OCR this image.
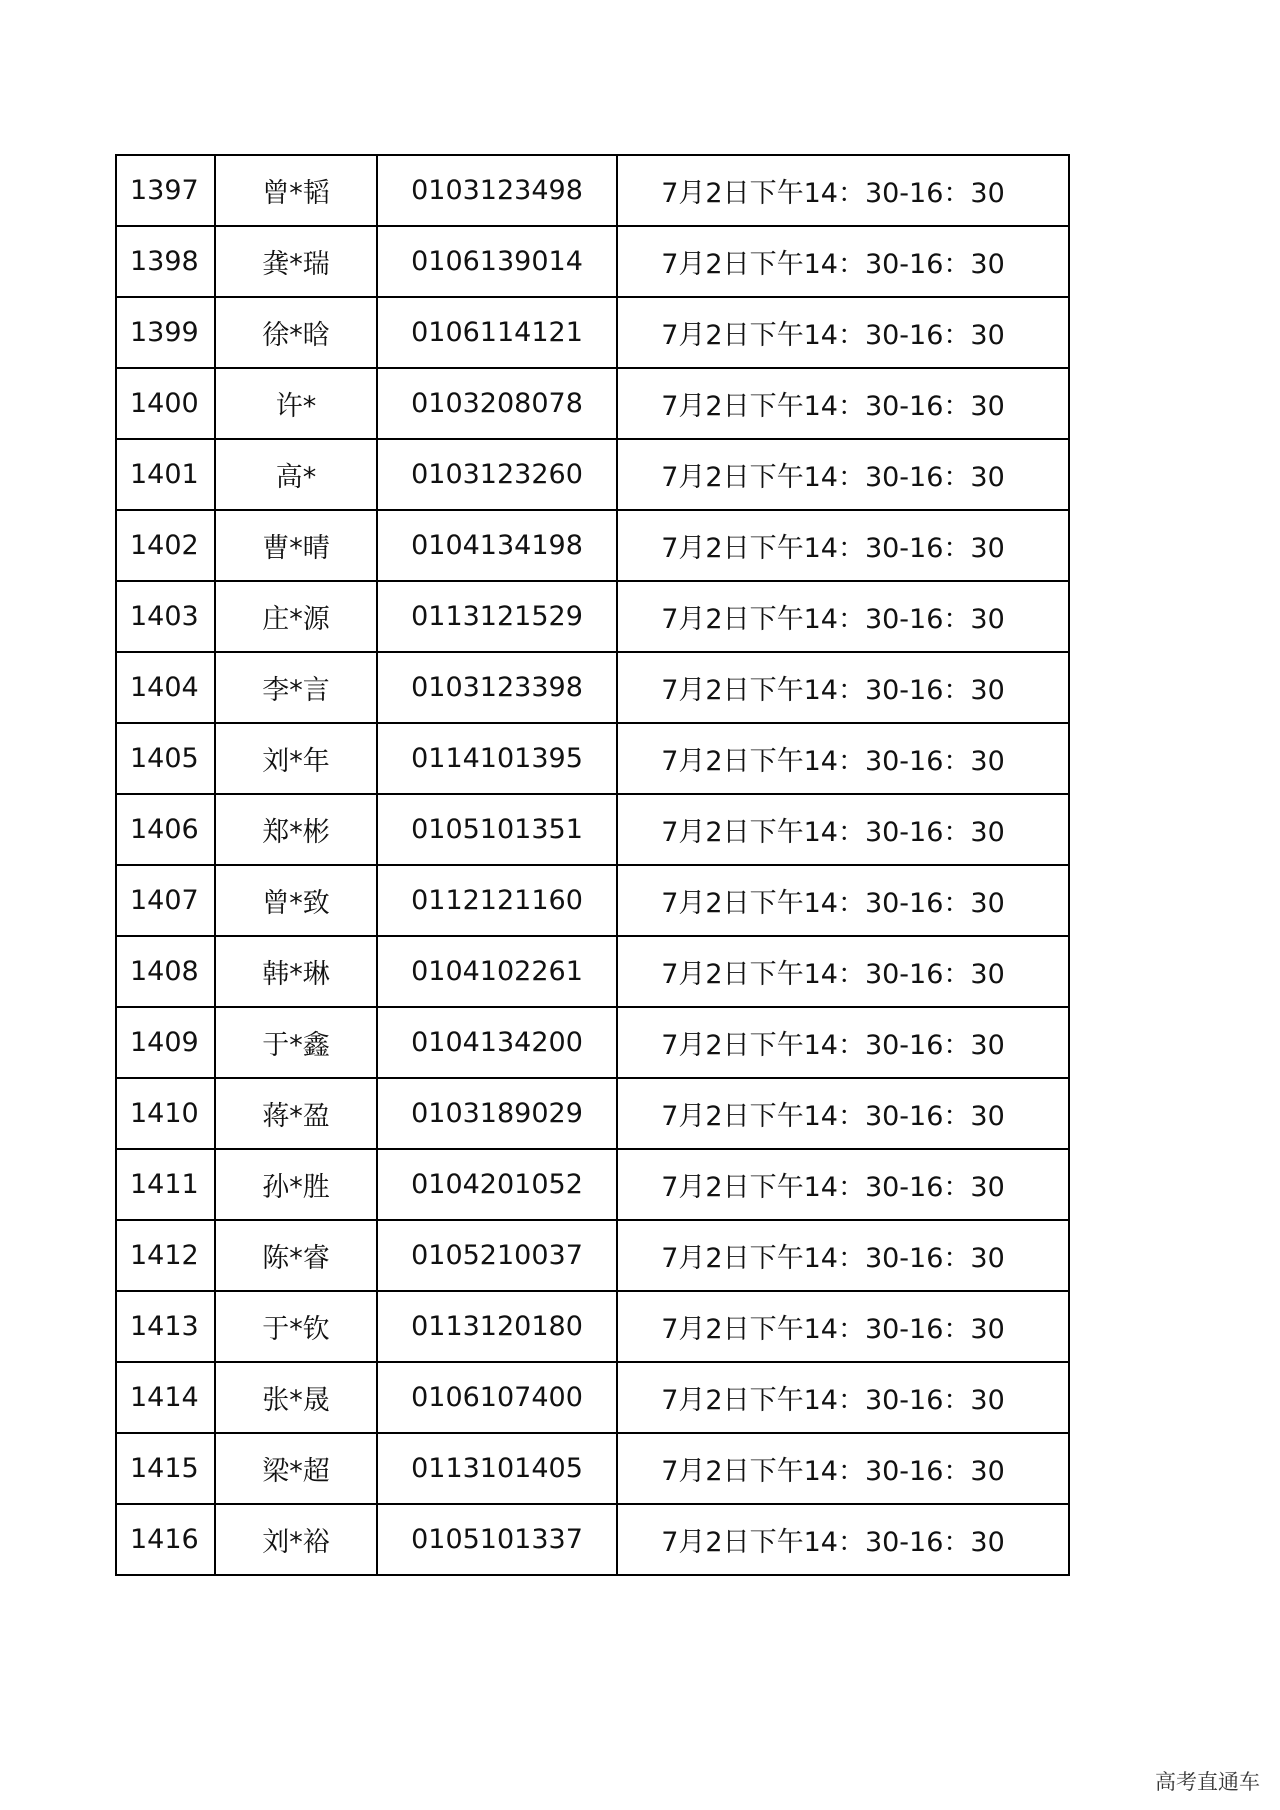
1397	曾*韬	0103123498	7月2日下午14：30-16：30
1398	龚*瑞	0106139014	7月2日下午14：30-16：30
1399	徐*晗	0106114121	7月2日下午14：30-16：30
1400	许*	0103208078	7月2日下午14：30-16：30
1401	高*	0103123260	7月2日下午14：30-16：30
1402	曹*晴	0104134198	7月2日下午14：30-16：30
1403	庄*源	0113121529	7月2日下午14：30-16：30
1404	李*言	0103123398	7月2日下午14：30-16：30
1405	刘*年	0114101395	7月2日下午14：30-16：30
1406	郑*彬	0105101351	7月2日下午14：30-16：30
1407	曾*致	0112121160	7月2日下午14：30-16：30
1408	韩*琳	0104102261	7月2日下午14：30-16：30
1409	于*鑫	0104134200	7月2日下午14：30-16：30
1410	蒋*盈	0103189029	7月2日下午14：30-16：30
1411	孙*胜	0104201052	7月2日下午14：30-16：30
1412	陈*睿	0105210037	7月2日下午14：30-16：30
1413	于*钦	0113120180	7月2日下午14：30-16：30
1414	张*晟	0106107400	7月2日下午14：30-16：30
1415	梁*超	0113101405	7月2日下午14：30-16：30
1416	刘*裕	0105101337	7月2日下午14：30-16：30
高考直通车
